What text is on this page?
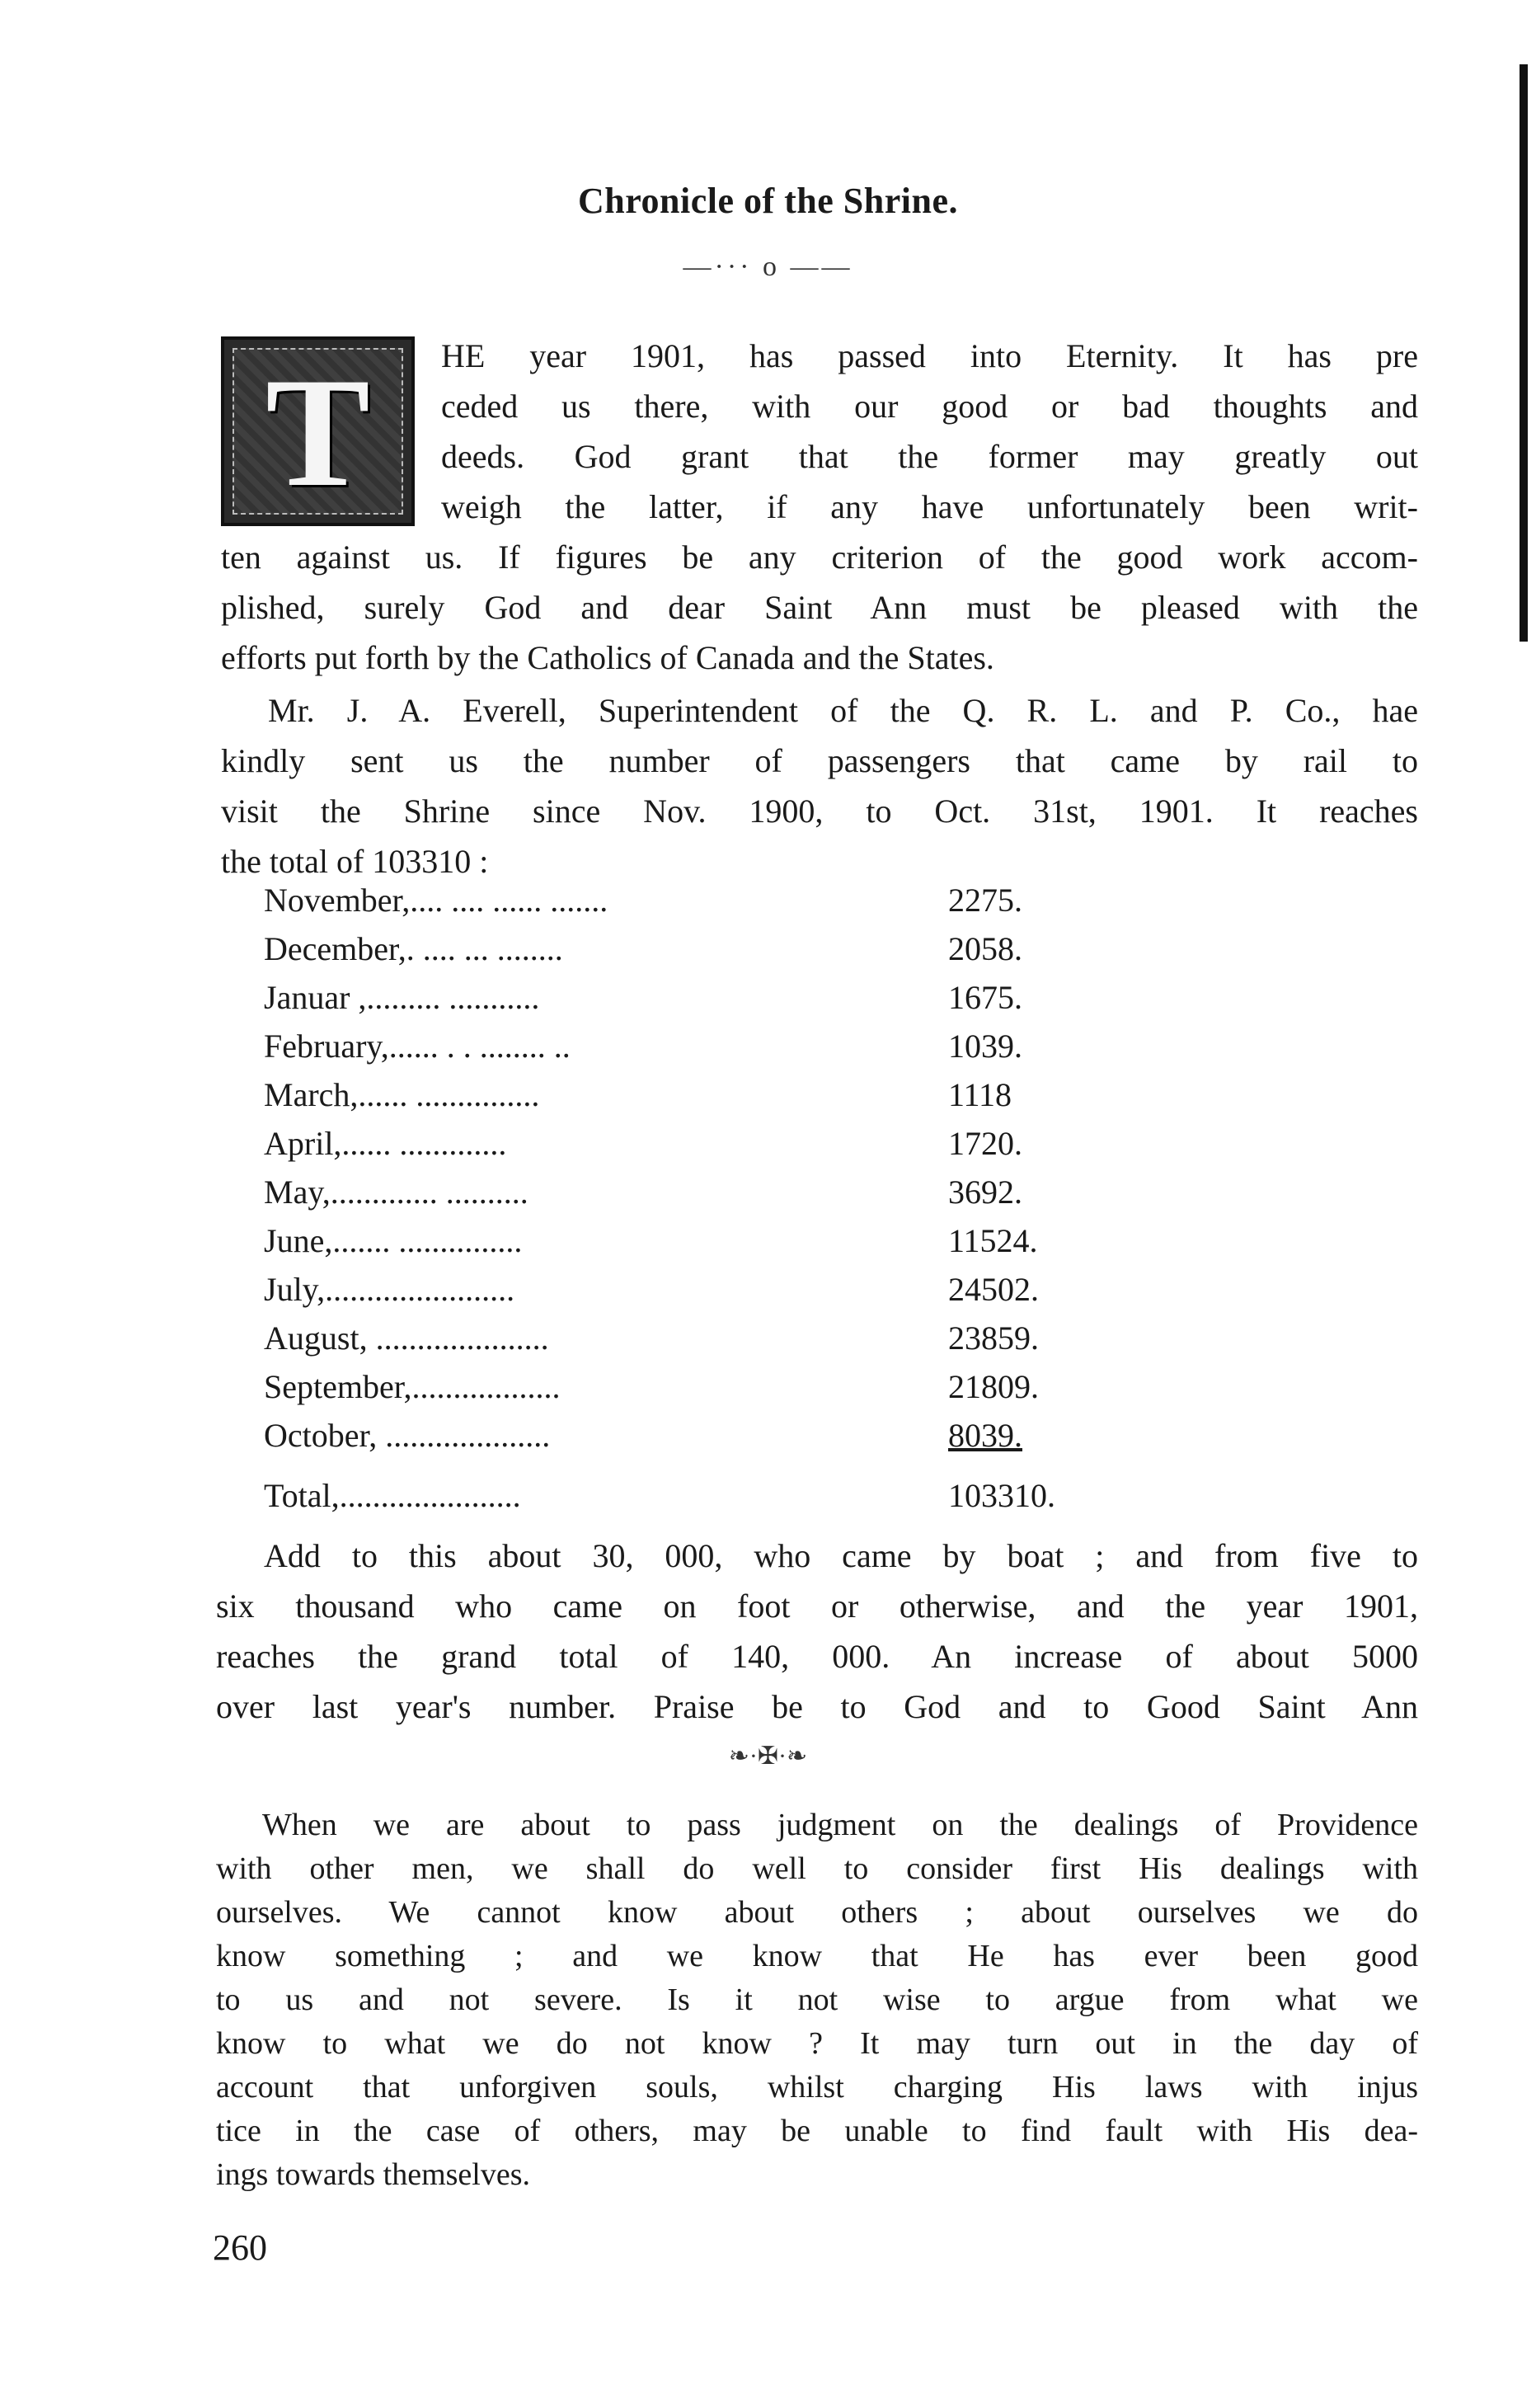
Chronicle of the Shrine.
—··· o ——
T	HE year 1901, has passed into Eternity. It has pre
ceded us there, with our good or bad thoughts and
deeds. God grant that the former may greatly out
weigh the latter, if any have unfortunately been writ-
ten against us. If figures be any criterion of the good work accom-
plished, surely God and dear Saint Ann must be pleased with the
efforts put forth by the Catholics of Canada and the States.
Mr. J. A. Everell, Superintendent of the Q. R. L. and P. Co., hae
kindly sent us the number of passengers that came by rail to
visit the Shrine since Nov. 1900, to Oct. 31st, 1901. It reaches
the total of 103310 :
November,.... .... ...... .......	2275.
December,. .... ... ........	2058.
Januar ,......... ...........	1675.
February,...... . . ........ ..	1039.
March,...... ...............	1118
April,...... .............	1720.
May,............. ..........	3692.
June,....... ...............	11524.
July,.......................	24502.
August, .....................	23859.
September,..................	21809.
October, ....................	8039.
Total,......................	103310.
Add to this about 30, 000, who came by boat ; and from five to
six thousand who came on foot or otherwise, and the year 1901,
reaches the grand total of 140, 000. An increase of about 5000
over last year's number. Praise be to God and to Good Saint Ann
❧·✠·❧
When we are about to pass judgment on the dealings of Providence
with other men, we shall do well to consider first His dealings with
ourselves. We cannot know about others ; about ourselves we do
know something ; and we know that He has ever been good
to us and not severe. Is it not wise to argue from what we
know to what we do not know ? It may turn out in the day of
account that unforgiven souls, whilst charging His laws with injus
tice in the case of others, may be unable to find fault with His dea-
ings towards themselves.
260
